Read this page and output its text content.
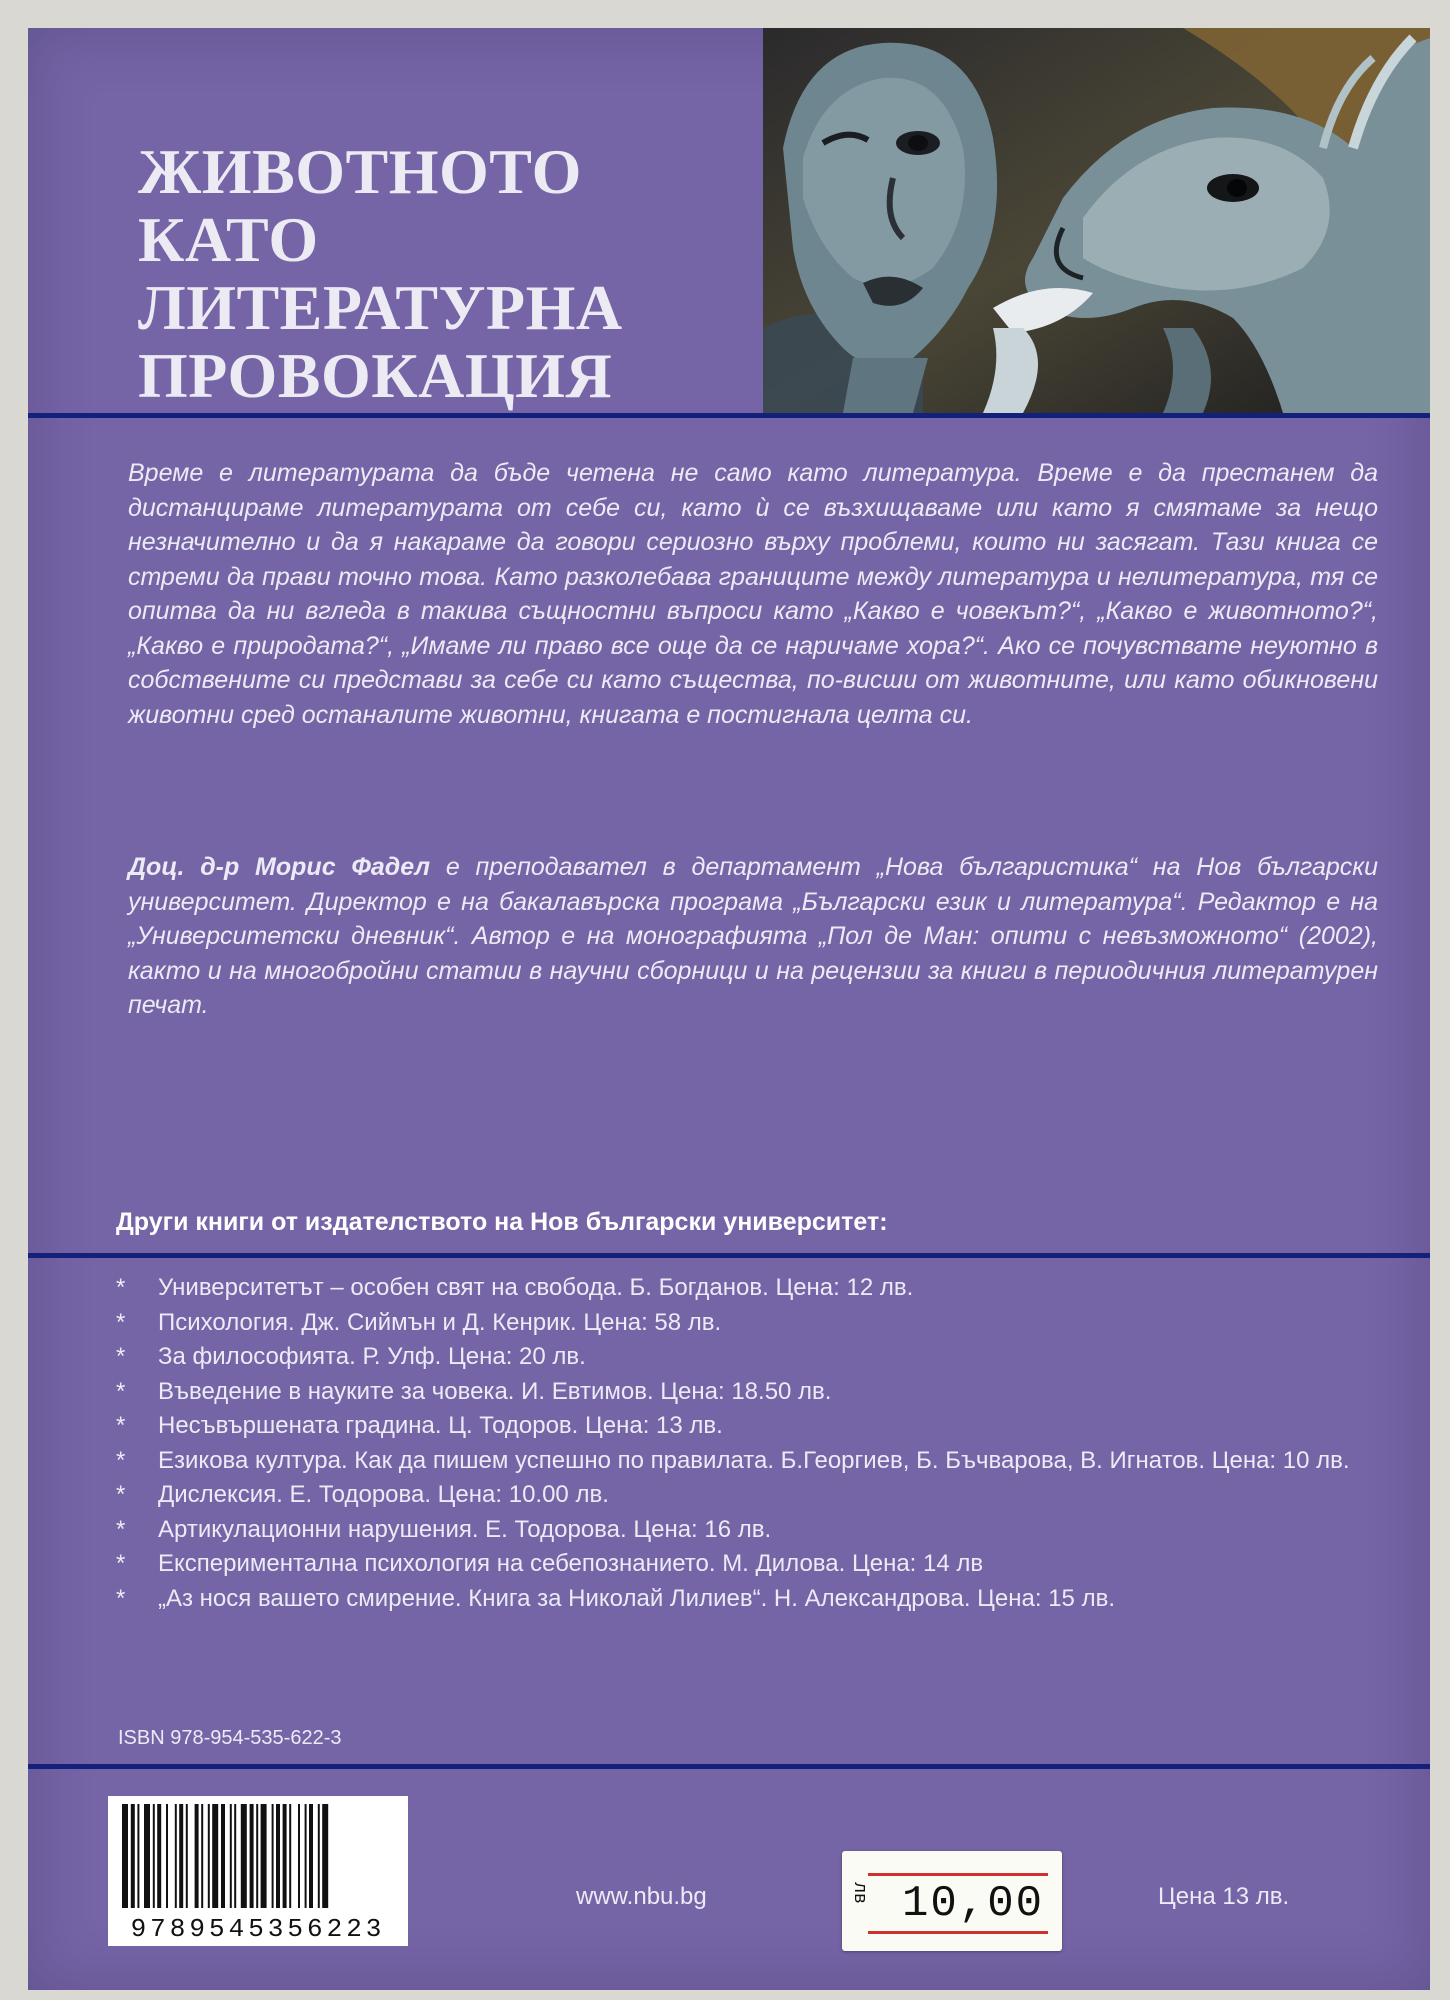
ЖИВОТНОТО
КАТО
ЛИТЕРАТУРНА
ПРОВОКАЦИЯ

Време е литературата да бъде четена не само като литература. Време е да престанем да дистанцираме литературата от себе си, като ѝ се възхищаваме или като я смятаме за нещо незначително и да я накараме да говори сериозно върху проблеми, които ни засягат. Тази книга се стреми да прави точно това. Като разколебава границите между литература и нелитература, тя се опитва да ни вгледа в такива същностни въпроси като „Какво е човекът?“, „Какво е животното?“, „Какво е природата?“, „Имаме ли право все още да се наричаме хора?“. Ако се почувствате неуютно в собствените си представи за себе си като същества, по-висши от животните, или като обикновени животни сред останалите животни, книгата е постигнала целта си.

Доц. д-р Морис Фадел е преподавател в департамент „Нова българистика“ на Нов български университет. Директор е на бакалавърска програма „Български език и литература“. Редактор е на „Университетски дневник“. Автор е на монографията „Пол де Ман: опити с невъзможното“ (2002), както и на многобройни статии в научни сборници и на рецензии за книги в периодичния литературен печат.

Други книги от издателството на Нов български университет:
*	Университетът – особен свят на свобода. Б. Богданов. Цена: 12 лв.
*	Психология. Дж. Сиймън и Д. Кенрик. Цена: 58 лв.
*	За философията. Р. Улф. Цена: 20 лв.
*	Въведение в науките за човека. И. Евтимов. Цена: 18.50 лв.
*	Несъвършената градина. Ц. Тодоров. Цена: 13 лв.
*	Езикова култура. Как да пишем успешно по правилата. Б.Георгиев, Б. Бъчварова, В. Игнатов. Цена: 10 лв.
*	Дислексия. Е. Тодорова. Цена: 10.00 лв.
*	Артикулационни нарушения. Е. Тодорова. Цена: 16 лв.
*	Експериментална психология на себепознанието. М. Дилова. Цена: 14 лв
*	„Аз нося вашето смирение. Книга за Николай Лилиев“. Н. Александрова. Цена: 15 лв.

ISBN 978-954-535-622-3

9789545356223

www.nbu.bg	лв 10,00	Цена 13 лв.
